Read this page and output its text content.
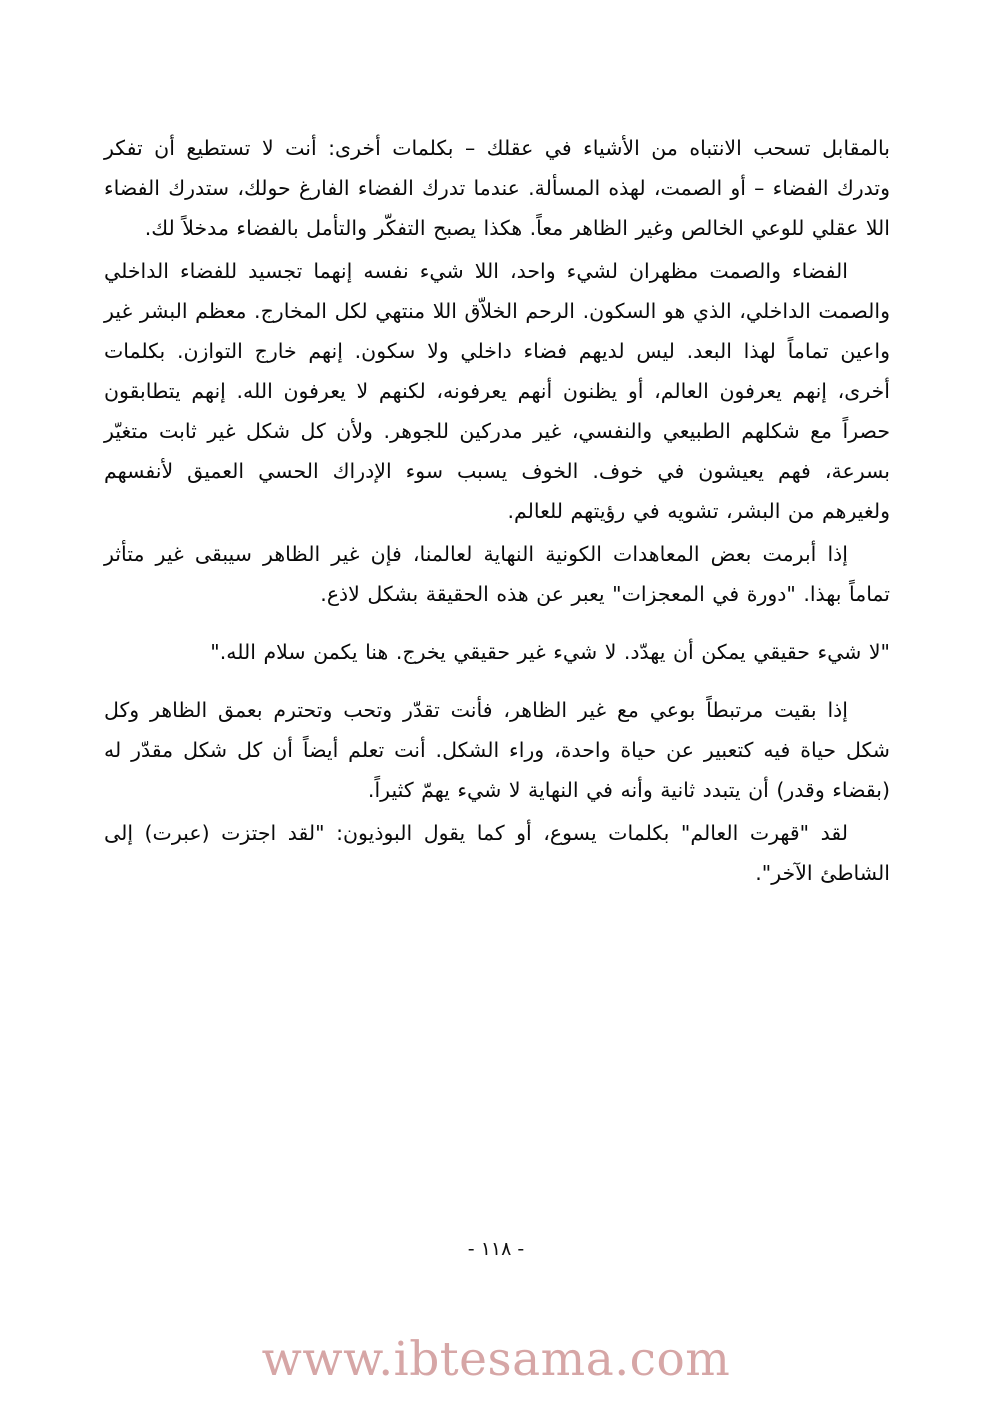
بالمقابل تسحب الانتباه من الأشياء في عقلك – بكلمات أخرى: أنت لا تستطيع أن تفكر وتدرك الفضاء – أو الصمت، لهذه المسألة. عندما تدرك الفضاء الفارغ حولك، ستدرك الفضاء اللا عقلي للوعي الخالص وغير الظاهر معاً. هكذا يصبح التفكّر والتأمل بالفضاء مدخلاً لك.

الفضاء والصمت مظهران لشيء واحد، اللا شيء نفسه إنهما تجسيد للفضاء الداخلي والصمت الداخلي، الذي هو السكون. الرحم الخلاّق اللا منتهي لكل المخارج. معظم البشر غير واعين تماماً لهذا البعد. ليس لديهم فضاء داخلي ولا سكون. إنهم خارج التوازن. بكلمات أخرى، إنهم يعرفون العالم، أو يظنون أنهم يعرفونه، لكنهم لا يعرفون الله. إنهم يتطابقون حصراً مع شكلهم الطبيعي والنفسي، غير مدركين للجوهر. ولأن كل شكل غير ثابت متغيّر بسرعة، فهم يعيشون في خوف. الخوف يسبب سوء الإدراك الحسي العميق لأنفسهم ولغيرهم من البشر، تشويه في رؤيتهم للعالم.

إذا أبرمت بعض المعاهدات الكونية النهاية لعالمنا، فإن غير الظاهر سيبقى غير متأثر تماماً بهذا. "دورة في المعجزات" يعبر عن هذه الحقيقة بشكل لاذع.

"لا شيء حقيقي يمكن أن يهدّد. لا شيء غير حقيقي يخرج. هنا يكمن سلام الله."

إذا بقيت مرتبطاً بوعي مع غير الظاهر، فأنت تقدّر وتحب وتحترم بعمق الظاهر وكل شكل حياة فيه كتعبير عن حياة واحدة، وراء الشكل. أنت تعلم أيضاً أن كل شكل مقدّر له (بقضاء وقدر) أن يتبدد ثانية وأنه في النهاية لا شيء يهمّ كثيراً.

لقد "قهرت العالم" بكلمات يسوع، أو كما يقول البوذيون: "لقد اجتزت (عبرت) إلى الشاطئ الآخر".

- ١١٨ -
www.ibtesama.com
